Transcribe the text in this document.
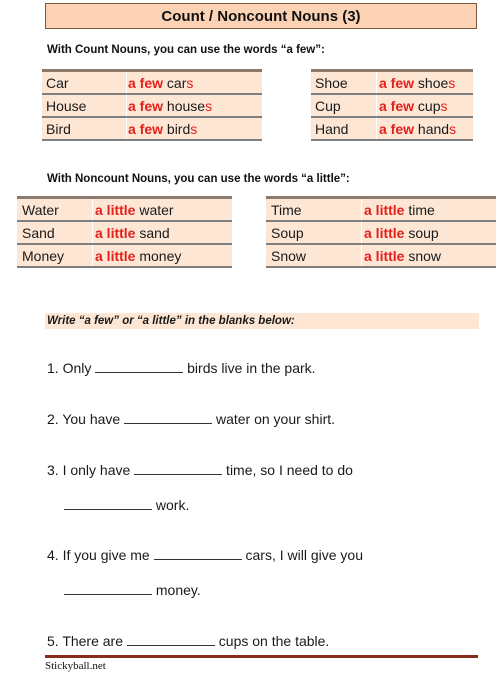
Count / Noncount Nouns (3)
With Count Nouns, you can use the words “a few”:
Car	a few cars
House	a few houses
Bird	a few birds
Shoe a few shoes
Cup	a few cups
Hand a few hands
With Noncount Nouns, you can use the words “a little”:
Water	a little water
Sand	a little sand
Money a little money
Time	a little time
Soup	a little soup
Snow	a little snow
Write “a few” or “a little” in the blanks below:
1. Only	birds live in the park.
2. You have	water on your shirt.
3. I only have	time, so I need to do
work.
4. If you give me	cars, I will give you
money.
5. There are	cups on the table.
Stickyball.net
